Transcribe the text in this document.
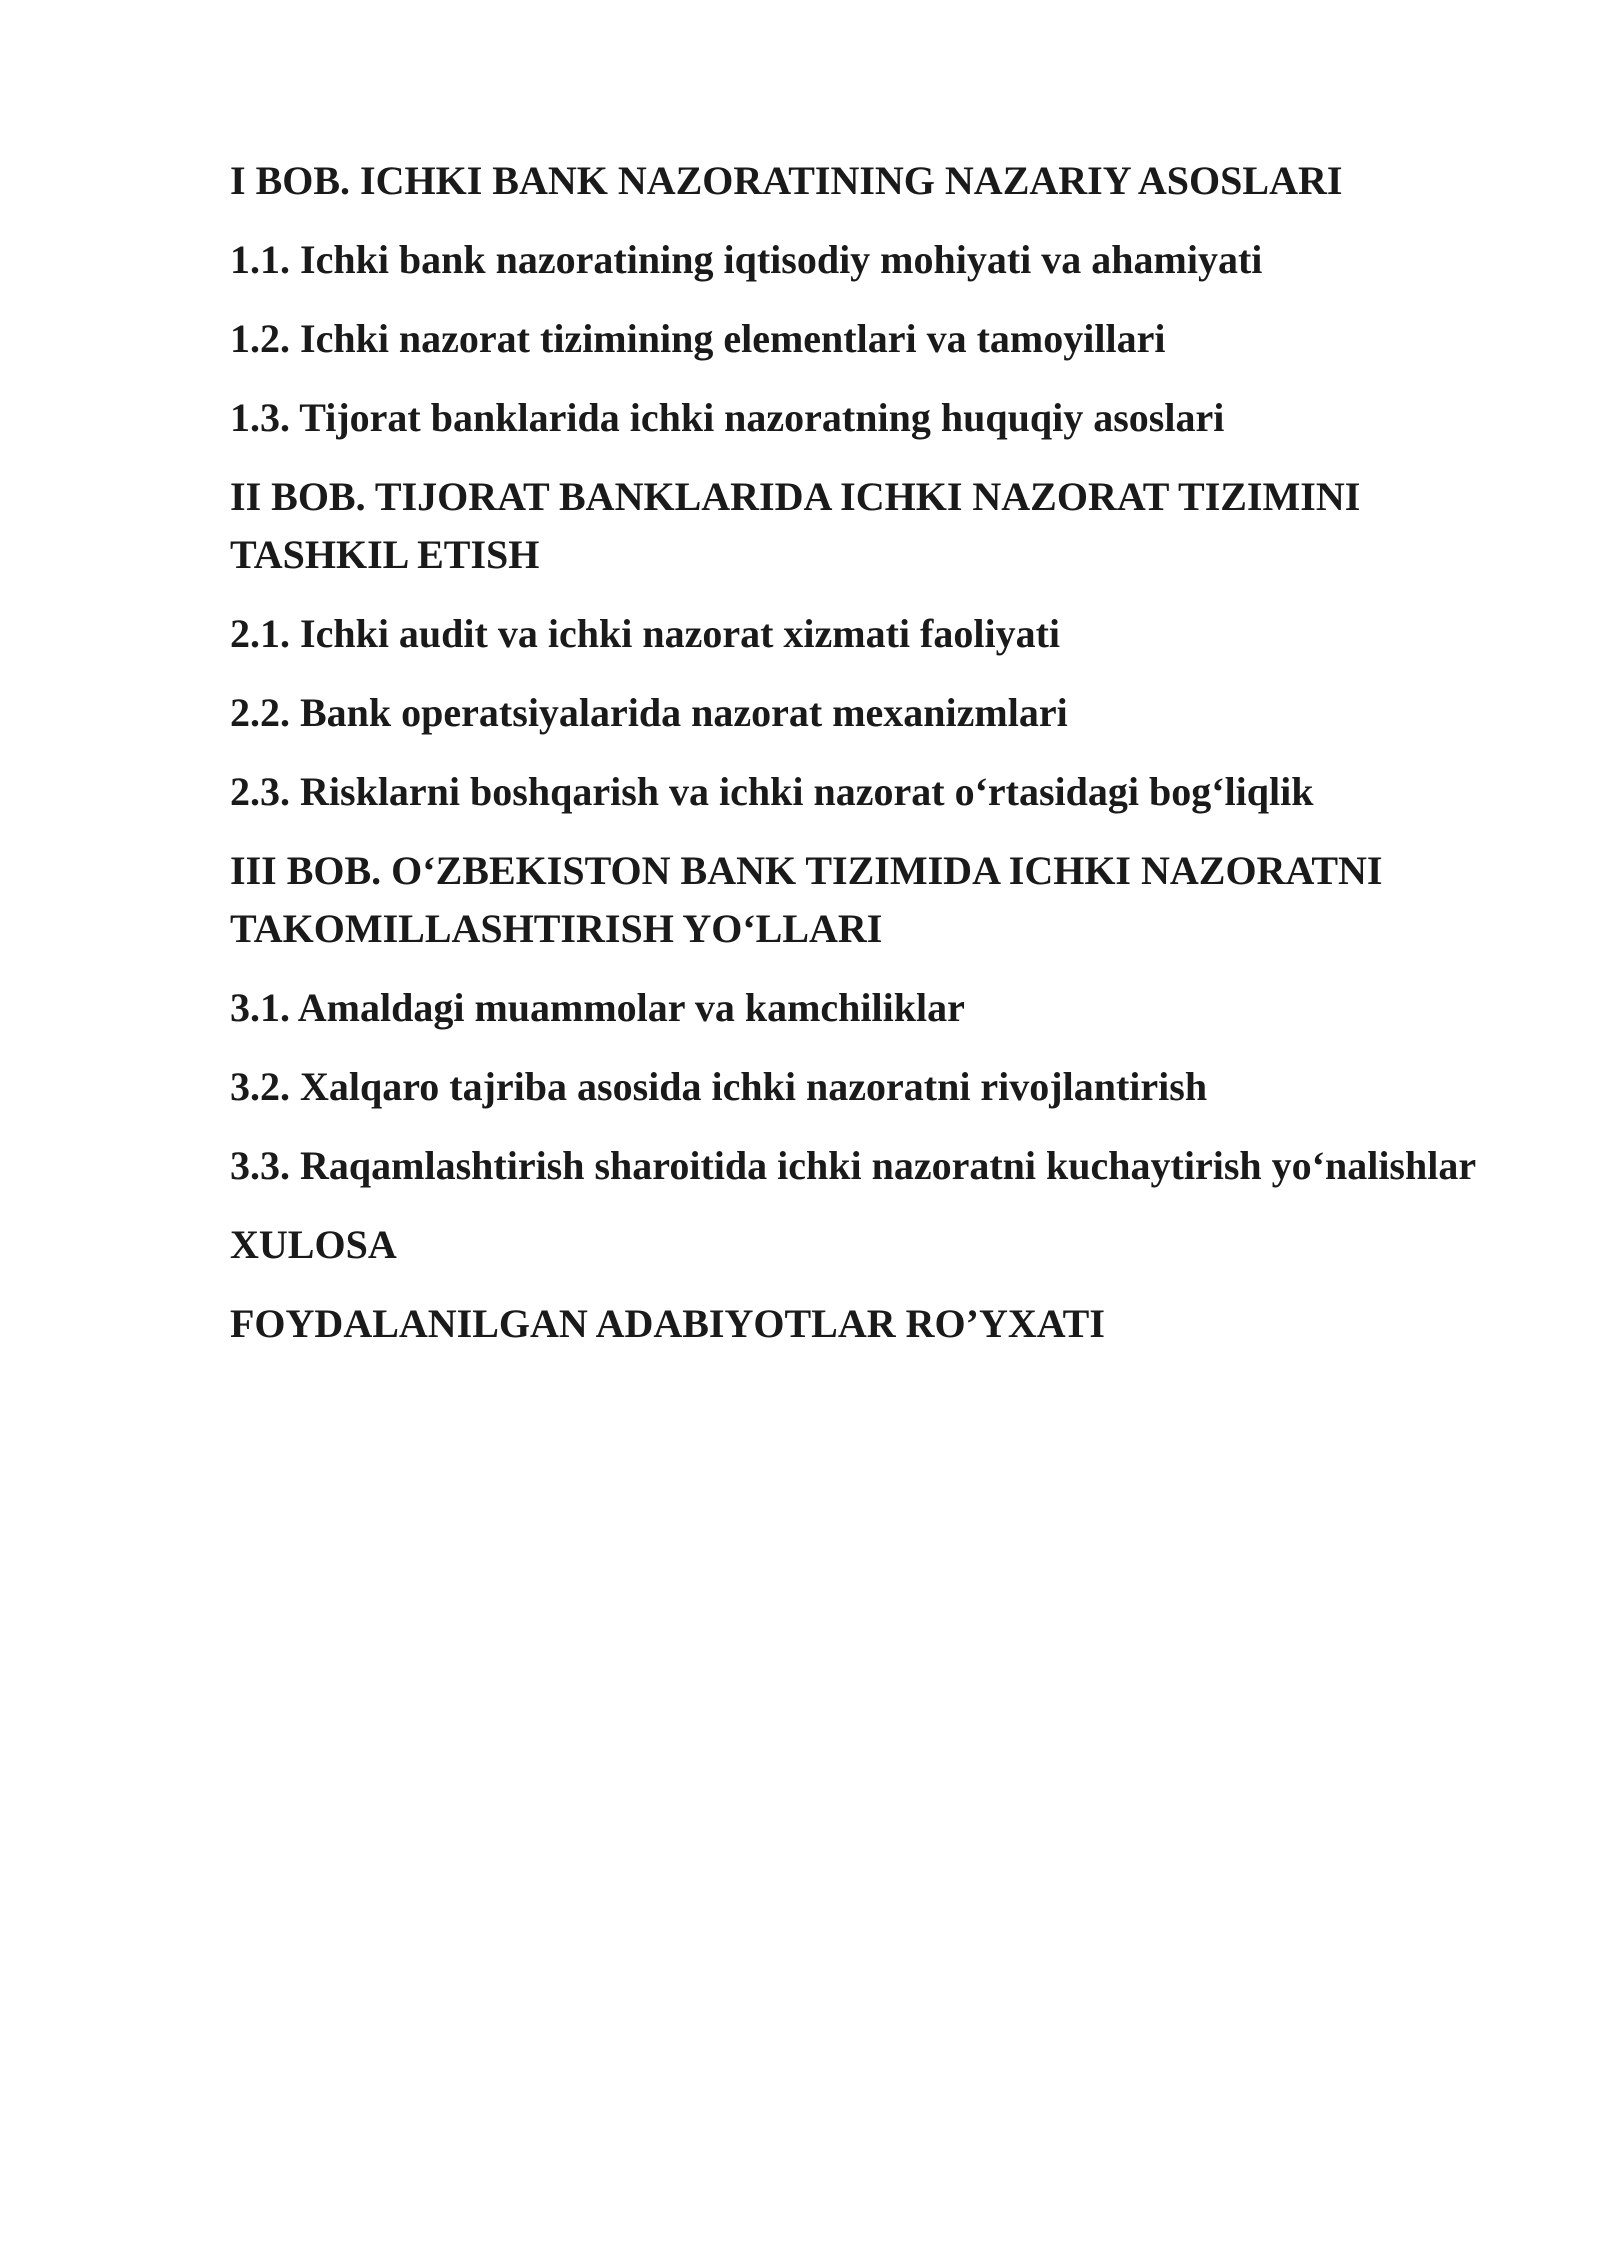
I BOB. ICHKI BANK NAZORATINING NAZARIY ASOSLARI

1.1. Ichki bank nazoratining iqtisodiy mohiyati va ahamiyati

1.2. Ichki nazorat tizimining elementlari va tamoyillari

1.3. Tijorat banklarida ichki nazoratning huquqiy asoslari

II BOB. TIJORAT BANKLARIDA ICHKI NAZORAT TIZIMINI TASHKIL ETISH

2.1. Ichki audit va ichki nazorat xizmati faoliyati

2.2. Bank operatsiyalarida nazorat mexanizmlari

2.3. Risklarni boshqarish va ichki nazorat o‘rtasidagi bog‘liqlik

III BOB. O‘ZBEKISTON BANK TIZIMIDA ICHKI NAZORATNI TAKOMILLASHTIRISH YO‘LLARI

3.1. Amaldagi muammolar va kamchiliklar

3.2. Xalqaro tajriba asosida ichki nazoratni rivojlantirish

3.3. Raqamlashtirish sharoitida ichki nazoratni kuchaytirish yo‘nalishlar

XULOSA

FOYDALANILGAN ADABIYOTLAR RO’YXATI
